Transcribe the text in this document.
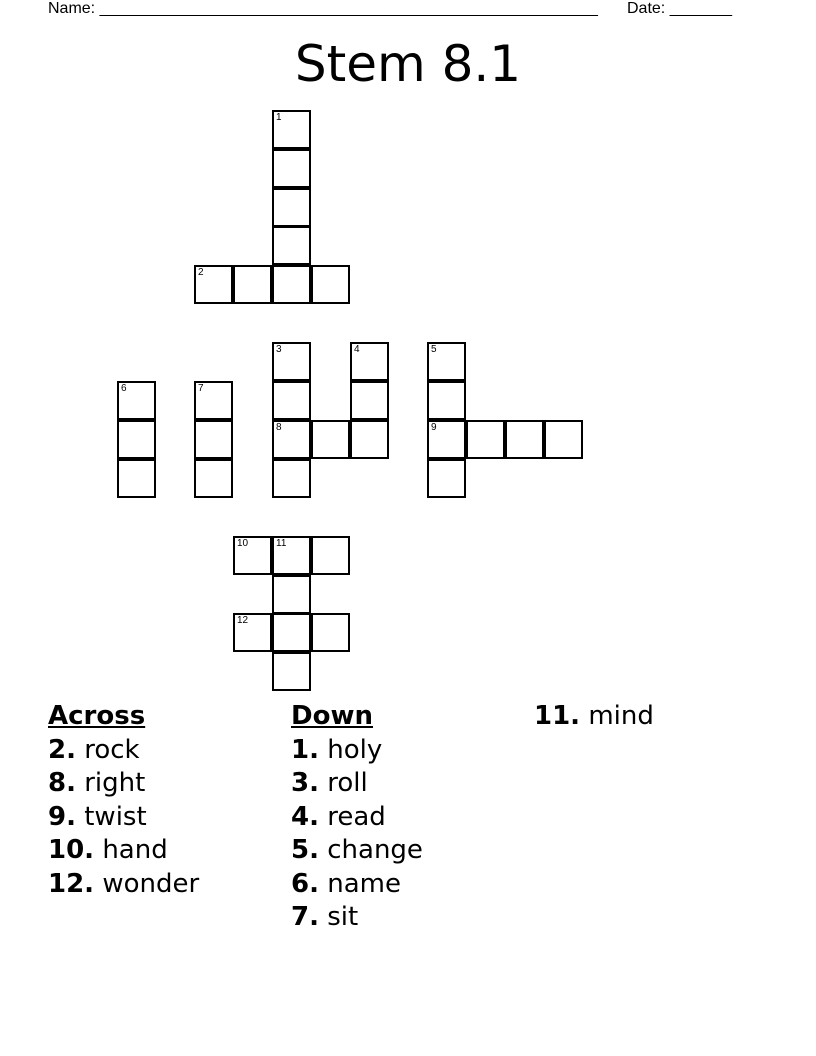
Name: ________________________________________________________ Date: _______
Stem 8.1
1
2
3
8
4	5
9
6	7
10	11
12
Across
2. rock
8. right
9. twist
10. hand
12. wonder
Down
1. holy
3. roll
4. read
5. change
6. name
7. sit
11. mind
